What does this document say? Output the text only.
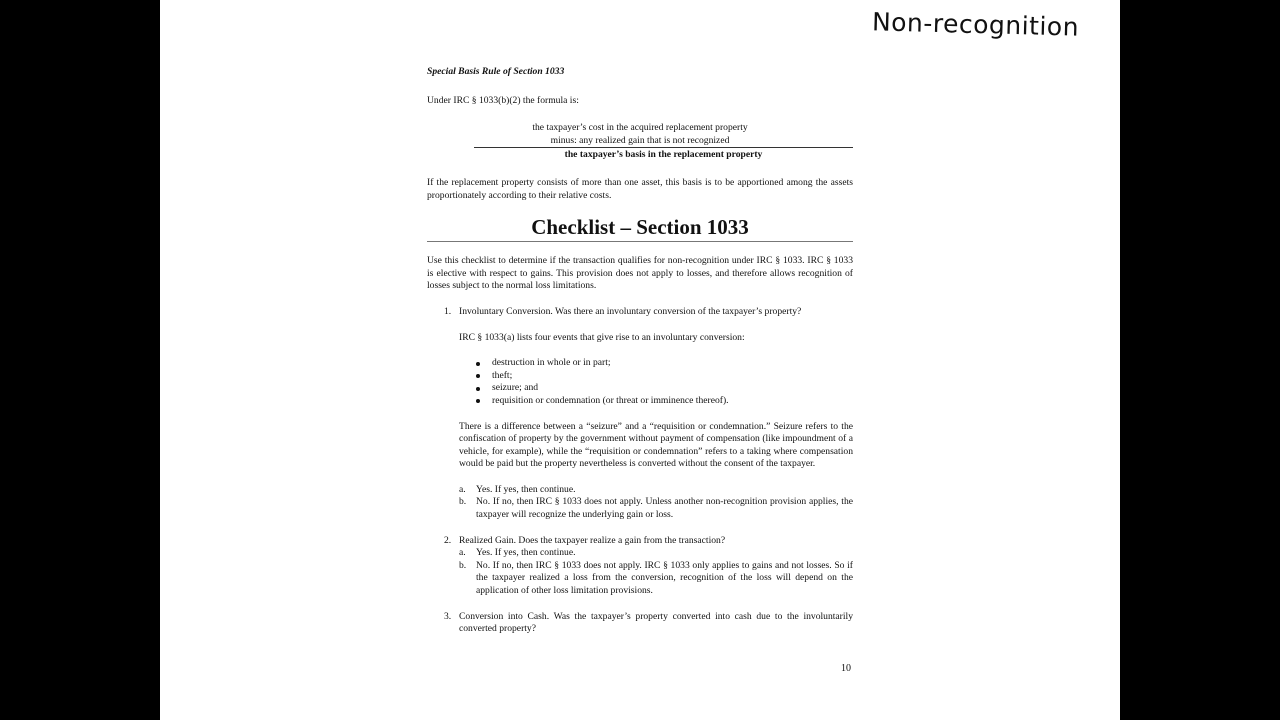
Non-recognition

Special Basis Rule of Section 1033

Under IRC § 1033(b)(2) the formula is:

the taxpayer’s cost in the acquired replacement property

minus: any realized gain that is not recognized

the taxpayer’s basis in the replacement property

If the replacement property consists of more than one asset, this basis is to be apportioned among the assets proportionately according to their relative costs.

Checklist – Section 1033

Use this checklist to determine if the transaction qualifies for non-recognition under IRC § 1033. IRC § 1033 is elective with respect to gains. This provision does not apply to losses, and therefore allows recognition of losses subject to the normal loss limitations.

1. Involuntary Conversion. Was there an involuntary conversion of the taxpayer’s property?

IRC § 1033(a) lists four events that give rise to an involuntary conversion:

destruction in whole or in part;
theft;
seizure; and
requisition or condemnation (or threat or imminence thereof).

There is a difference between a “seizure” and a “requisition or condemnation.” Seizure refers to the confiscation of property by the government without payment of compensation (like impoundment of a vehicle, for example), while the “requisition or condemnation” refers to a taking where compensation would be paid but the property nevertheless is converted without the consent of the taxpayer.

a. Yes. If yes, then continue.
b. No. If no, then IRC § 1033 does not apply. Unless another non-recognition provision applies, the taxpayer will recognize the underlying gain or loss.
2. Realized Gain. Does the taxpayer realize a gain from the transaction?
a. Yes. If yes, then continue.
b. No. If no, then IRC § 1033 does not apply. IRC § 1033 only applies to gains and not losses. So if the taxpayer realized a loss from the conversion, recognition of the loss will depend on the application of other loss limitation provisions.
3. Conversion into Cash. Was the taxpayer’s property converted into cash due to the involuntarily converted property?
10
